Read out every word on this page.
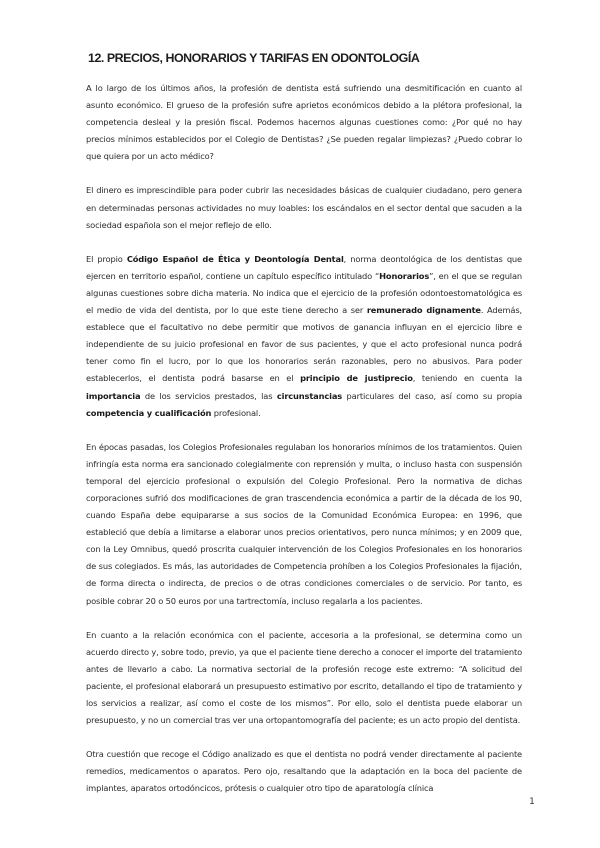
12. PRECIOS, HONORARIOS Y TARIFAS EN ODONTOLOGÍA

A lo largo de los últimos años, la profesión de dentista está sufriendo una desmitificación en cuanto al asunto económico. El grueso de la profesión sufre aprietos económicos debido a la plétora profesional, la competencia desleal y la presión fiscal. Podemos hacernos algunas cuestiones como: ¿Por qué no hay precios mínimos establecidos por el Colegio de Dentistas? ¿Se pueden regalar limpiezas? ¿Puedo cobrar lo que quiera por un acto médico?

El dinero es imprescindible para poder cubrir las necesidades básicas de cualquier ciudadano, pero genera en determinadas personas actividades no muy loables: los escándalos en el sector dental que sacuden a la sociedad española son el mejor reflejo de ello.

El propio Código Español de Ética y Deontología Dental, norma deontológica de los dentistas que ejercen en territorio español, contiene un capítulo específico intitulado “Honorarios”, en el que se regulan algunas cuestiones sobre dicha materia. No indica que el ejercicio de la profesión odontoestomatológica es el medio de vida del dentista, por lo que este tiene derecho a ser remunerado dignamente. Además, establece que el facultativo no debe permitir que motivos de ganancia influyan en el ejercicio libre e independiente de su juicio profesional en favor de sus pacientes, y que el acto profesional nunca podrá tener como fin el lucro, por lo que los honorarios serán razonables, pero no abusivos. Para poder establecerlos, el dentista podrá basarse en el principio de justiprecio, teniendo en cuenta la importancia de los servicios prestados, las circunstancias particulares del caso, así como su propia competencia y cualificación profesional.

En épocas pasadas, los Colegios Profesionales regulaban los honorarios mínimos de los tratamientos. Quien infringía esta norma era sancionado colegialmente con reprensión y multa, o incluso hasta con suspensión temporal del ejercicio profesional o expulsión del Colegio Profesional. Pero la normativa de dichas corporaciones sufrió dos modificaciones de gran trascendencia económica a partir de la década de los 90, cuando España debe equipararse a sus socios de la Comunidad Económica Europea: en 1996, que estableció que debía a limitarse a elaborar unos precios orientativos, pero nunca mínimos; y en 2009 que, con la Ley Omnibus, quedó proscrita cualquier intervención de los Colegios Profesionales en los honorarios de sus colegiados. Es más, las autoridades de Competencia prohíben a los Colegios Profesionales la fijación, de forma directa o indirecta, de precios o de otras condiciones comerciales o de servicio. Por tanto, es posible cobrar 20 o 50 euros por una tartrectomía, incluso regalarla a los pacientes.

En cuanto a la relación económica con el paciente, accesoria a la profesional, se determina como un acuerdo directo y, sobre todo, previo, ya que el paciente tiene derecho a conocer el importe del tratamiento antes de llevarlo a cabo. La normativa sectorial de la profesión recoge este extremo: “A solicitud del paciente, el profesional elaborará un presupuesto estimativo por escrito, detallando el tipo de tratamiento y los servicios a realizar, así como el coste de los mismos”. Por ello, solo el dentista puede elaborar un presupuesto, y no un comercial tras ver una ortopantomografía del paciente; es un acto propio del dentista.

Otra cuestión que recoge el Código analizado es que el dentista no podrá vender directamente al paciente remedios, medicamentos o aparatos. Pero ojo, resaltando que la adaptación en la boca del paciente de implantes, aparatos ortodóncicos, prótesis o cualquier otro tipo de aparatología clínica

1
